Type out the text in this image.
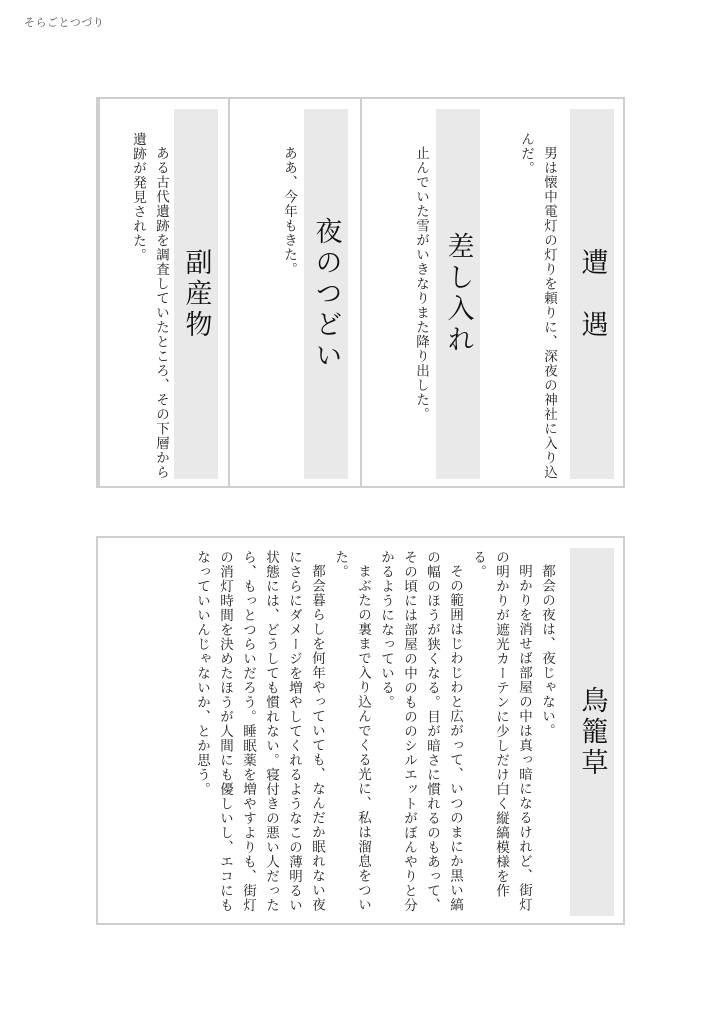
そらごとつづり
遭　遇

男は懐中電灯の灯りを頼りに、深夜の神社に入り込んだ。

差し入れ

止んでいた雪がいきなりまた降り出した。

夜のつどい

ああ、今年もきた。

副産物

ある古代遺跡を調査していたところ、その下層から遺跡が発見された。

鳥籠草

都会の夜は、夜じゃない。

明かりを消せば部屋の中は真っ暗になるけれど、街灯の明かりが遮光カーテンに少しだけ白く縦縞模様を作る。

その範囲はじわじわと広がって、いつのまにか黒い縞の幅のほうが狭くなる。目が暗さに慣れるのもあって、その頃には部屋の中のもののシルエットがぼんやりと分かるようになっている。

まぶたの裏まで入り込んでくる光に、私は溜息をついた。

都会暮らしを何年やっていても、なんだか眠れない夜にさらにダメージを増やしてくれるようなこの薄明るい状態には、どうしても慣れない。寝付きの悪い人だったら、もっとつらいだろう。睡眠薬を増やすよりも、街灯の消灯時間を決めたほうが人間にも優しいし、エコにもなっていいんじゃないか、とか思う。
